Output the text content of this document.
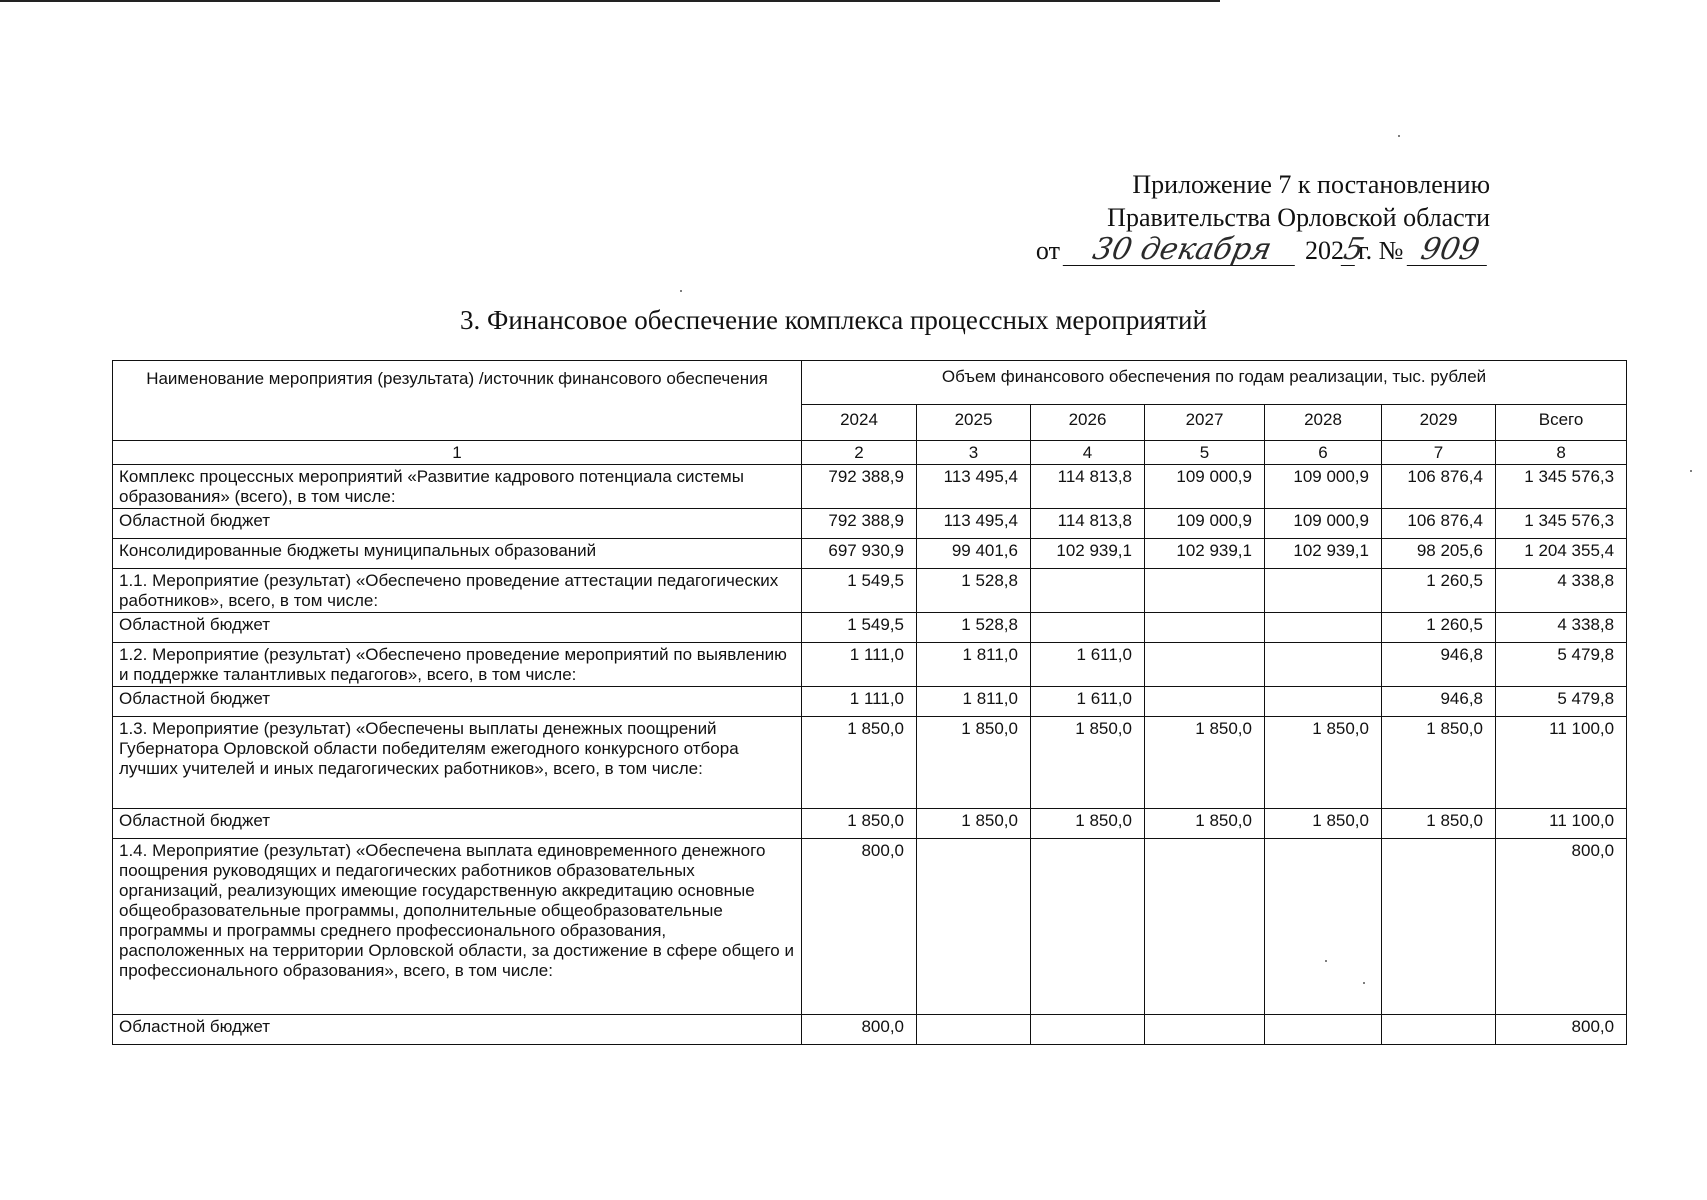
Приложение 7 к постановлению
Правительства Орловской области
от 30 декабря 2025г. № 909
3. Финансовое обеспечение комплекса процессных мероприятий
Наименование мероприятия (результата) /источник финансового обеспечения	Объем финансового обеспечения по годам реализации, тыс. рублей						
	2024	2025	2026	2027	2028	2029	Всего
1	2	3	4	5	6	7	8
Комплекс процессных мероприятий «Развитие кадрового потенциала системы образования» (всего), в том числе:	792 388,9	113 495,4	114 813,8	109 000,9	109 000,9	106 876,4	1 345 576,3
Областной бюджет	792 388,9	113 495,4	114 813,8	109 000,9	109 000,9	106 876,4	1 345 576,3
Консолидированные бюджеты муниципальных образований	697 930,9	99 401,6	102 939,1	102 939,1	102 939,1	98 205,6	1 204 355,4
1.1. Мероприятие (результат) «Обеспечено проведение аттестации педагогических работников», всего, в том числе:	1 549,5	1 528,8				1 260,5	4 338,8
Областной бюджет	1 549,5	1 528,8				1 260,5	4 338,8
1.2. Мероприятие (результат) «Обеспечено проведение мероприятий по выявлению и поддержке талантливых педагогов», всего, в том числе:	1 111,0	1 811,0	1 611,0			946,8	5 479,8
Областной бюджет	1 111,0	1 811,0	1 611,0			946,8	5 479,8
1.3. Мероприятие (результат) «Обеспечены выплаты денежных поощрений Губернатора Орловской области победителям ежегодного конкурсного отбора лучших учителей и иных педагогических работников», всего, в том числе:	1 850,0	1 850,0	1 850,0	1 850,0	1 850,0	1 850,0	11 100,0
Областной бюджет	1 850,0	1 850,0	1 850,0	1 850,0	1 850,0	1 850,0	11 100,0
1.4. Мероприятие (результат) «Обеспечена выплата единовременного денежного поощрения руководящих и педагогических работников образовательных организаций, реализующих имеющие государственную аккредитацию основные общеобразовательные программы, дополнительные общеобразовательные программы и программы среднего профессионального образования, расположенных на территории Орловской области, за достижение в сфере общего и профессионального образования», всего, в том числе:	800,0						800,0
Областной бюджет	800,0						800,0
